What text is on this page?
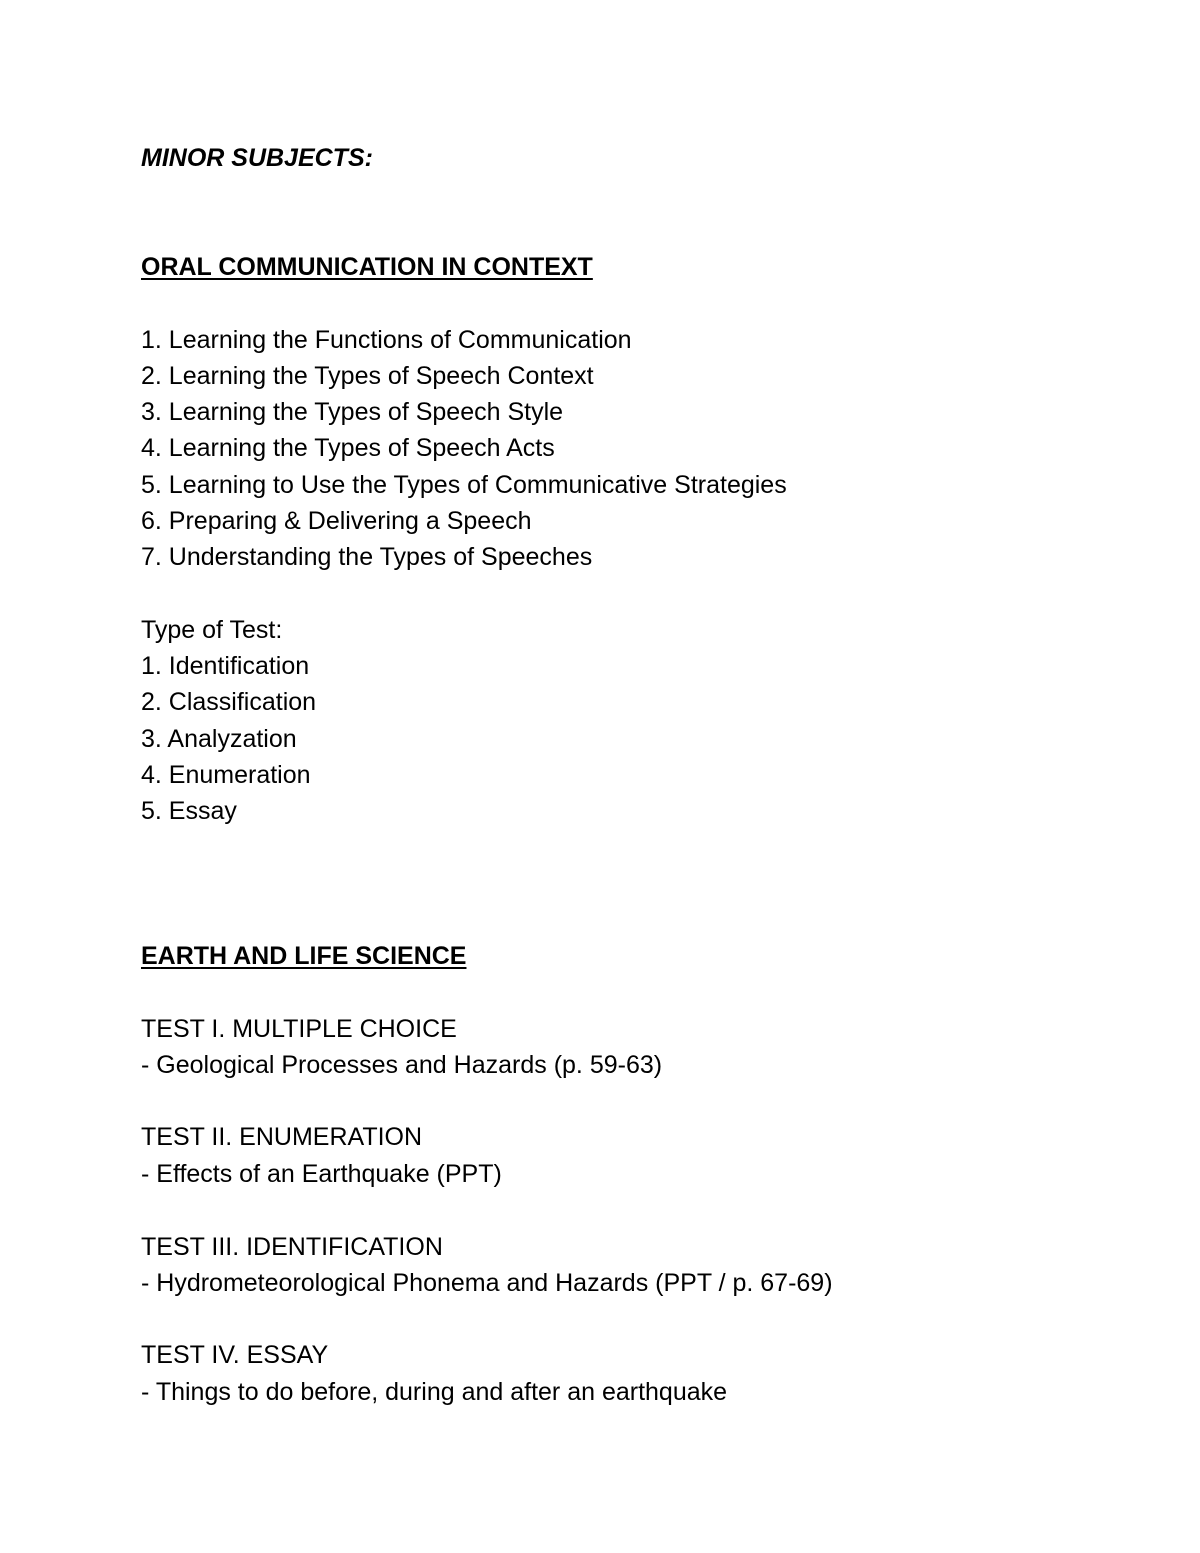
MINOR SUBJECTS:
ORAL COMMUNICATION IN CONTEXT
1. Learning the Functions of Communication
2. Learning the Types of Speech Context
3. Learning the Types of Speech Style
4. Learning the Types of Speech Acts
5. Learning to Use the Types of Communicative Strategies
6. Preparing & Delivering a Speech
7. Understanding the Types of Speeches
Type of Test:
1. Identification
2. Classification
3. Analyzation
4. Enumeration
5. Essay
EARTH AND LIFE SCIENCE
TEST I. MULTIPLE CHOICE
- Geological Processes and Hazards (p. 59-63)
TEST II. ENUMERATION
- Effects of an Earthquake (PPT)
TEST III. IDENTIFICATION
- Hydrometeorological Phonema and Hazards (PPT / p. 67-69)
TEST IV. ESSAY
- Things to do before, during and after an earthquake
